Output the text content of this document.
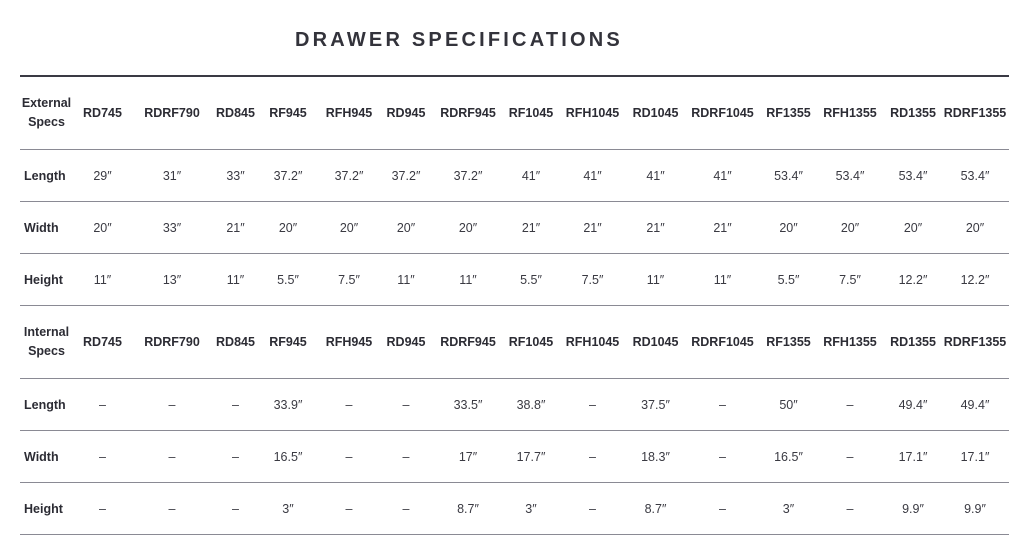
DRAWER SPECIFICATIONS
External Specs	RD745	RDRF790	RD845	RF945	RFH945	RD945	RDRF945	RF1045	RFH1045	RD1045	RDRF1045	RF1355	RFH1355	RD1355	RDRF1355
Length	29″	31″	33″	37.2″	37.2″	37.2″	37.2″	41″	41″	41″	41″	53.4″	53.4″	53.4″	53.4″
Width	20″	33″	21″	20″	20″	20″	20″	21″	21″	21″	21″	20″	20″	20″	20″
Height	11″	13″	11″	5.5″	7.5″	11″	11″	5.5″	7.5″	11″	11″	5.5″	7.5″	12.2″	12.2″
Internal Specs	RD745	RDRF790	RD845	RF945	RFH945	RD945	RDRF945	RF1045	RFH1045	RD1045	RDRF1045	RF1355	RFH1355	RD1355	RDRF1355
Length	–	–	–	33.9″	–	–	33.5″	38.8″	–	37.5″	–	50″	–	49.4″	49.4″
Width	–	–	–	16.5″	–	–	17″	17.7″	–	18.3″	–	16.5″	–	17.1″	17.1″
Height	–	–	–	3″	–	–	8.7″	3″	–	8.7″	–	3″	–	9.9″	9.9″
